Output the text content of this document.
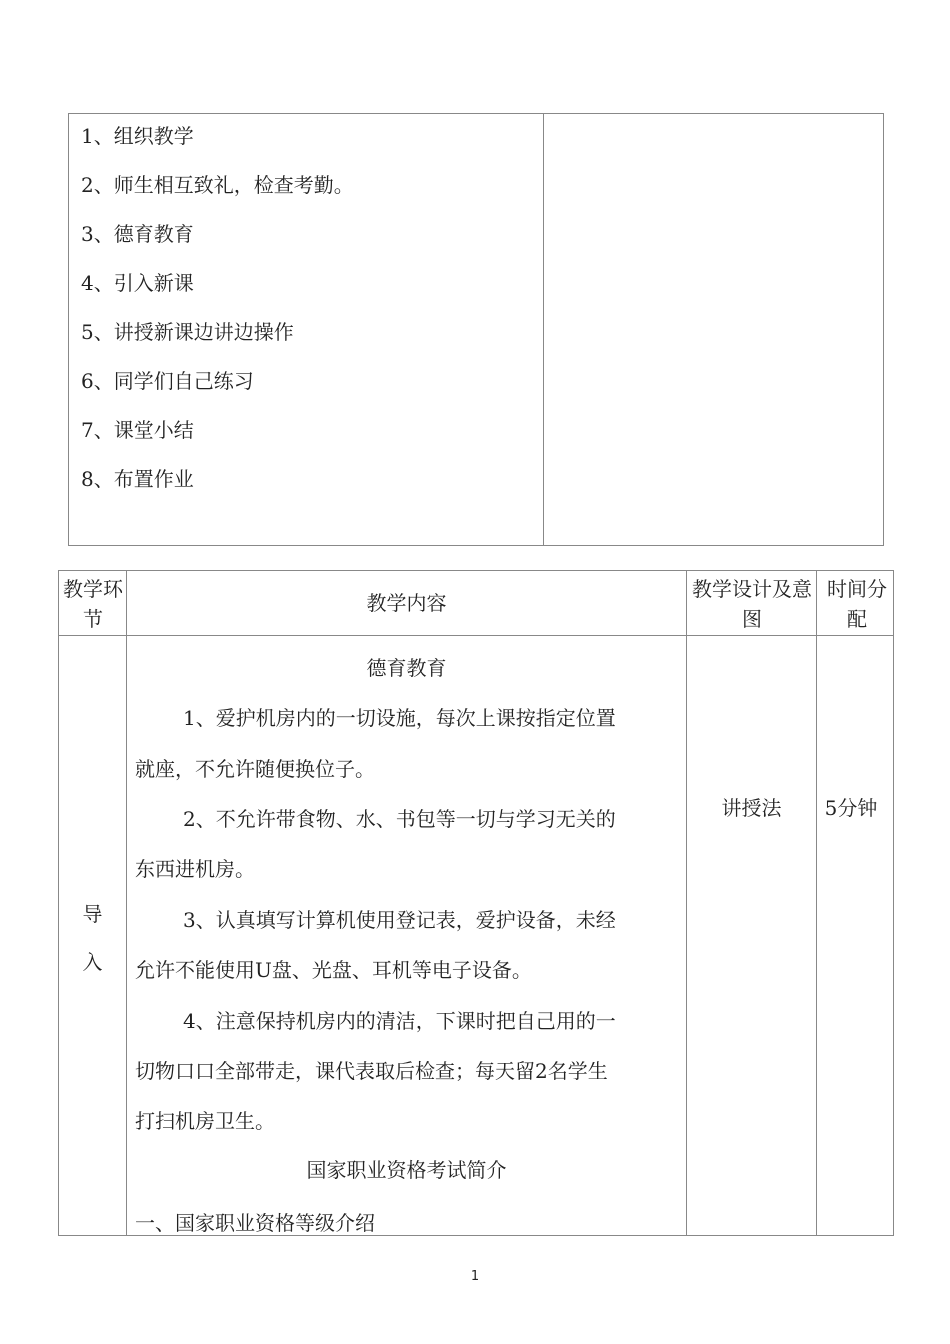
1、组织教学
2、师生相互致礼，检查考勤。
3、德育教育
4、引入新课
5、讲授新课边讲边操作
6、同学们自己练习
7、课堂小结
8、布置作业
教学环节
教学内容
教学设计及意图
时间分配
导
入
德育教育
1、爱护机房内的一切设施，每次上课按指定位置
就座，不允许随便换位子。
2、不允许带食物、水、书包等一切与学习无关的
东西进机房。
3、认真填写计算机使用登记表，爱护设备，未经
允许不能使用U盘、光盘、耳机等电子设备。
4、注意保持机房内的清洁，下课时把自己用的一
切物口口全部带走，课代表取后检查；每天留2名学生
打扫机房卫生。
国家职业资格考试简介
一、国家职业资格等级介绍
讲授法	5分钟
1
